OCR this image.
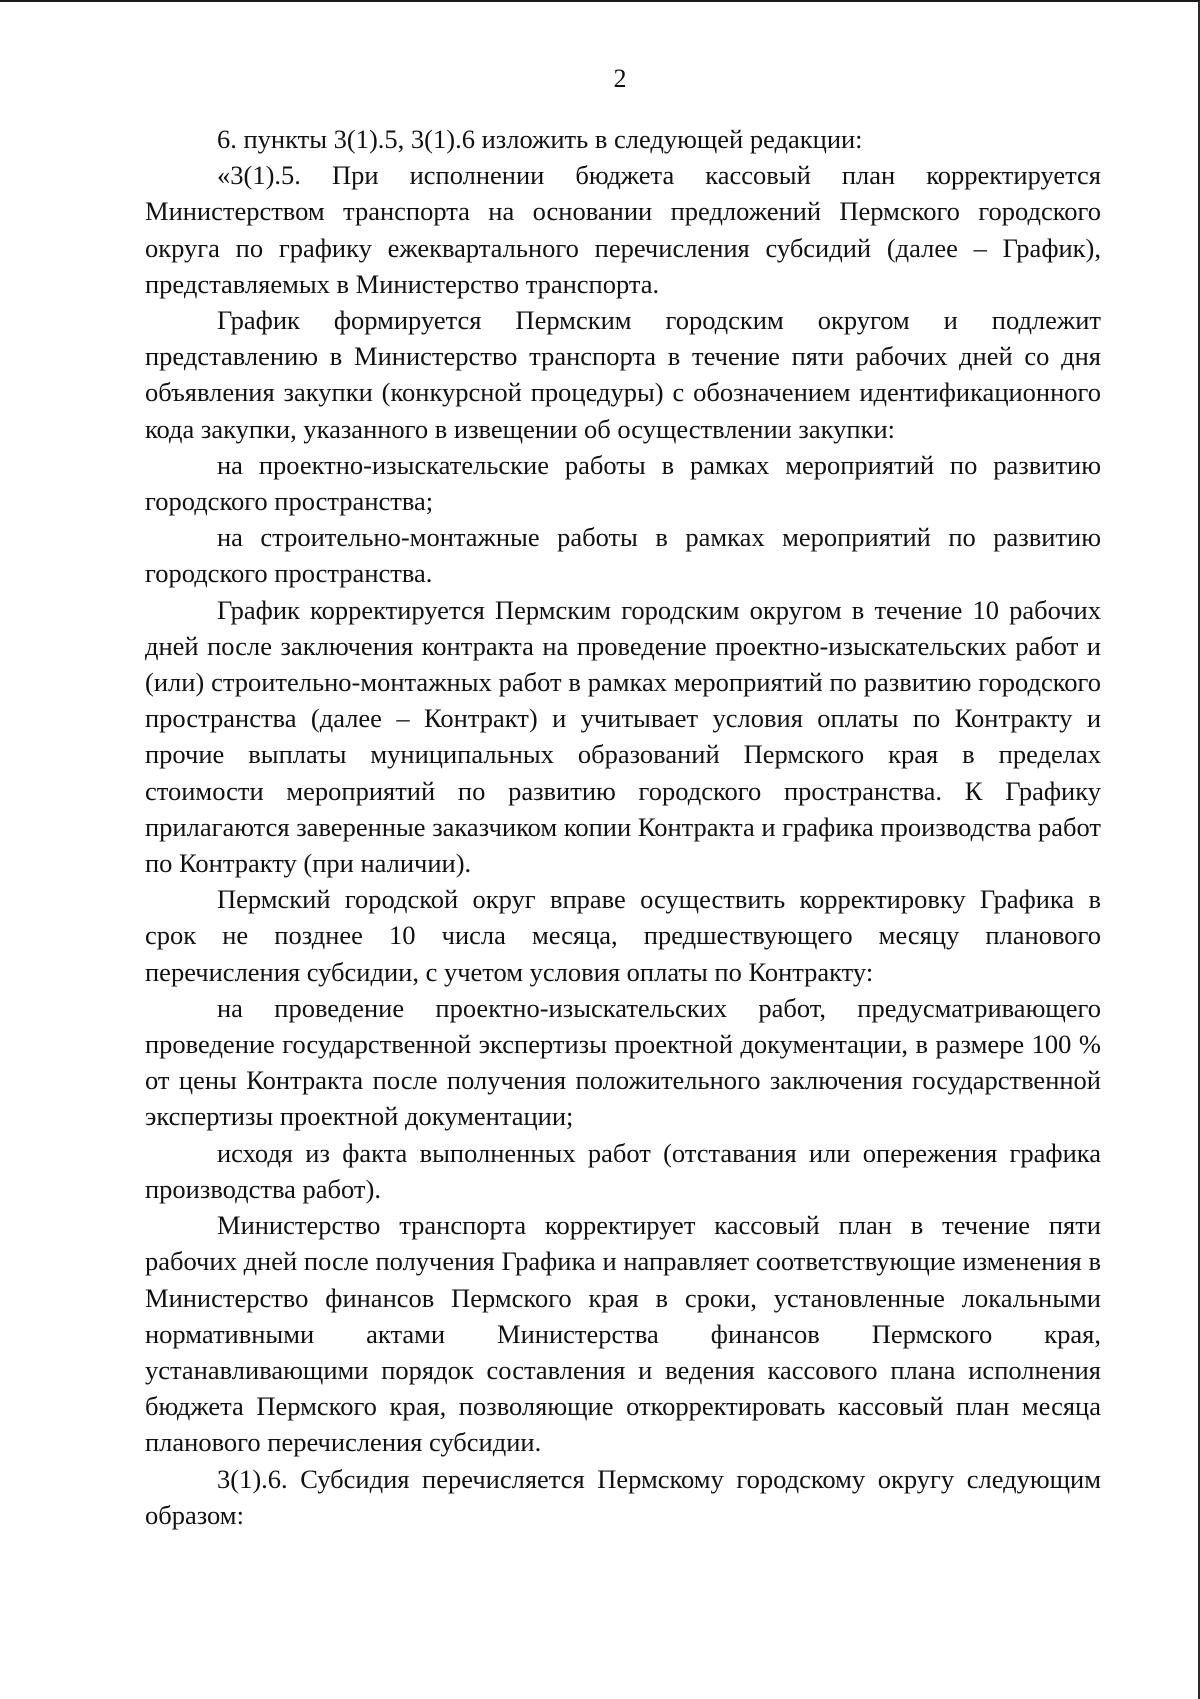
2

6. пункты 3(1).5, 3(1).6 изложить в следующей редакции:

«3(1).5. При исполнении бюджета кассовый план корректируется Министерством транспорта на основании предложений Пермского городского округа по графику ежеквартального перечисления субсидий (далее – График), представляемых в Министерство транспорта.

График формируется Пермским городским округом и подлежит представлению в Министерство транспорта в течение пяти рабочих дней со дня объявления закупки (конкурсной процедуры) с обозначением идентификационного кода закупки, указанного в извещении об осуществлении закупки:

на проектно-изыскательские работы в рамках мероприятий по развитию городского пространства;

на строительно-монтажные работы в рамках мероприятий по развитию городского пространства.

График корректируется Пермским городским округом в течение 10 рабочих дней после заключения контракта на проведение проектно-изыскательских работ и (или) строительно-монтажных работ в рамках мероприятий по развитию городского пространства (далее – Контракт) и учитывает условия оплаты по Контракту и прочие выплаты муниципальных образований Пермского края в пределах стоимости мероприятий по развитию городского пространства. К Графику прилагаются заверенные заказчиком копии Контракта и графика производства работ по Контракту (при наличии).

Пермский городской округ вправе осуществить корректировку Графика в срок не позднее 10 числа месяца, предшествующего месяцу планового перечисления субсидии, с учетом условия оплаты по Контракту:

на проведение проектно-изыскательских работ, предусматривающего проведение государственной экспертизы проектной документации, в размере 100 % от цены Контракта после получения положительного заключения государственной экспертизы проектной документации;

исходя из факта выполненных работ (отставания или опережения графика производства работ).

Министерство транспорта корректирует кассовый план в течение пяти рабочих дней после получения Графика и направляет соответствующие изменения в Министерство финансов Пермского края в сроки, установленные локальными нормативными актами Министерства финансов Пермского края, устанавливающими порядок составления и ведения кассового плана исполнения бюджета Пермского края, позволяющие откорректировать кассовый план месяца планового перечисления субсидии.

3(1).6. Субсидия перечисляется Пермскому городскому округу следующим образом:
